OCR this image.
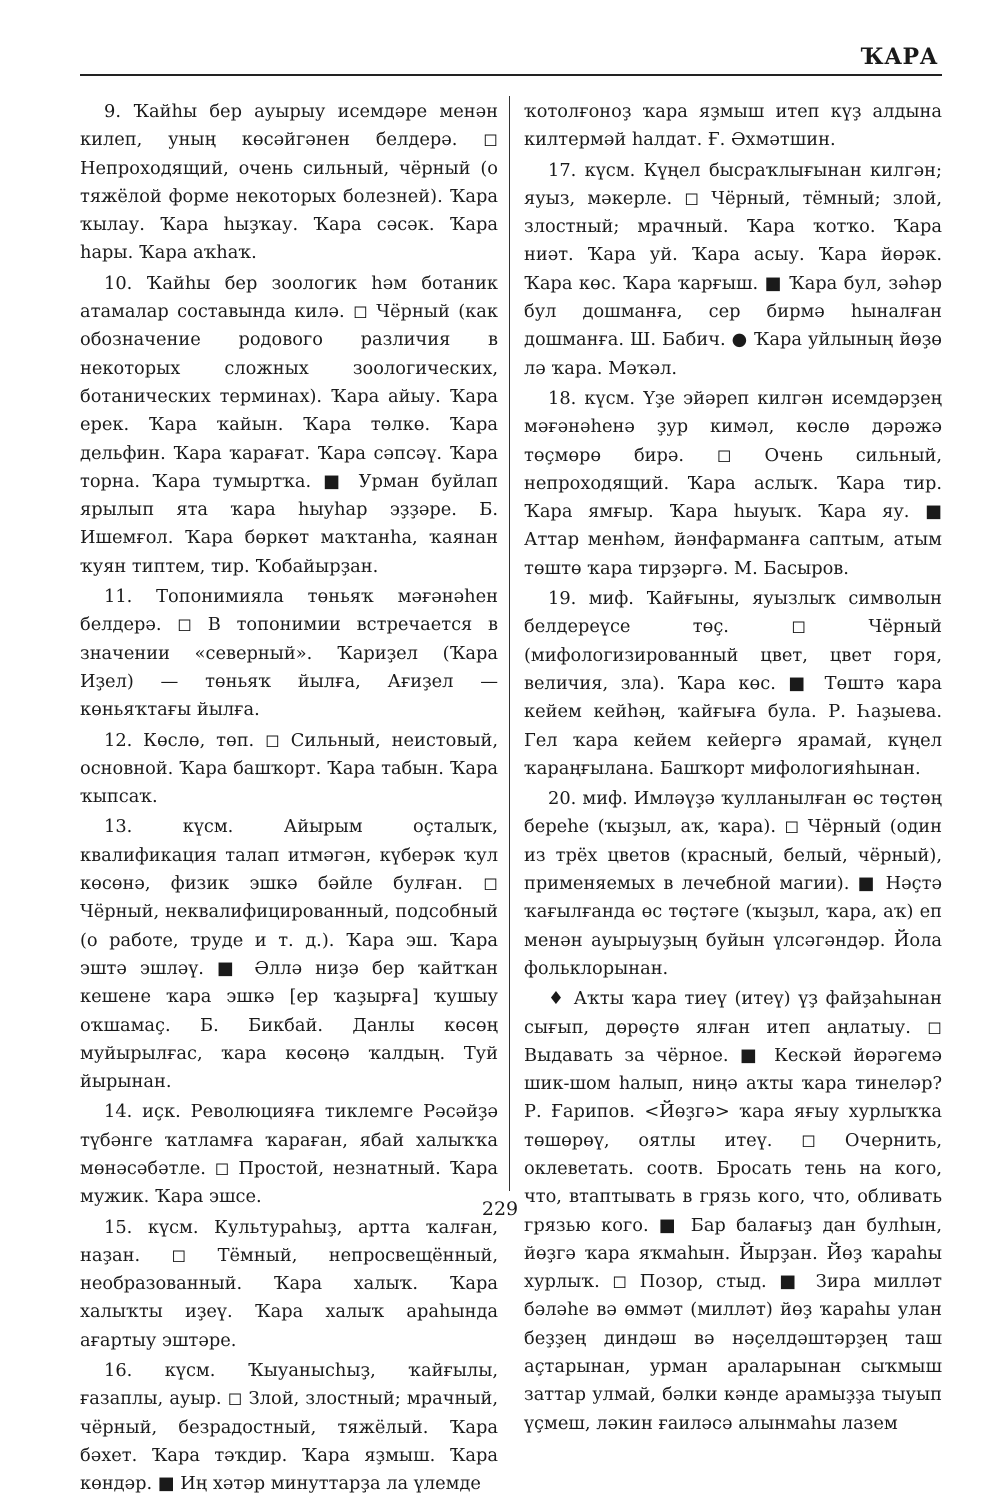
ҠАРА

9. Ҡайһы бер ауырыу исемдәре менән килеп, уның көсәйгәнен белдерә. ◻ Непроходящий, очень сильный, чёрный (о тяжёлой форме некоторых болезней). Ҡара ҡылау. Ҡара һыҙҡау. Ҡара сәсәк. Ҡара һары. Ҡара аҡһаҡ.

10. Ҡайһы бер зоологик һәм ботаник атамалар составында килә. ◻ Чёрный (как обозначение родового различия в некоторых сложных зоологических, ботанических терминах). Ҡара айыу. Ҡара ерек. Ҡара ҡайын. Ҡара төлкө. Ҡара дельфин. Ҡара ҡарағат. Ҡара сәпсәү. Ҡара торна. Ҡара тумыртҡа. ■ Урман буйлап ярылып ята ҡара һыуһар эҙҙәре. Б. Ишемғол. Ҡара бөркөт маҡтанһа, ҡаянан ҡуян типтем, тир. Ҡобайырҙан.

11. Топонимияла төньяҡ мәғәнәһен белдерә. ◻ В топонимии встречается в значении «северный». Ҡариҙел (Ҡара Иҙел) — төньяҡ йылға, Ағиҙел — көньяҡтағы йылға.

12. Көслө, төп. ◻ Сильный, неистовый, основной. Ҡара башҡорт. Ҡара табын. Ҡара ҡыпсаҡ.

13. күсм. Айырым оҫталыҡ, квалификация талап итмәгән, күберәк ҡул көсөнә, физик эшкә бәйле булған. ◻ Чёрный, неквалифицированный, подсобный (о работе, труде и т. д.). Ҡара эш. Ҡара эштә эшләү. ■ Әллә ниҙә бер ҡайтҡан кешене ҡара эшкә [ер ҡаҙырға] ҡушыу оҡшамаҫ. Б. Бикбай. Данлы көсөң муйырылғас, ҡара көсөңә ҡалдың. Туй йырынан.

14. иҫк. Революцияға тиклемге Рәсәйҙә түбәнге ҡатламға ҡараған, ябай халыҡҡа мөнәсәбәтле. ◻ Простой, незнатный. Ҡара мужик. Ҡара эшсе.

15. күсм. Культураһыҙ, артта ҡалған, наҙан. ◻ Тёмный, непросвещённый, необразованный. Ҡара халыҡ. Ҡара халыҡты иҙеү. Ҡара халыҡ араһында ағартыу эштәре.

16. күсм. Ҡыуанысһыҙ, ҡайғылы, ғазаплы, ауыр. ◻ Злой, злостный; мрачный, чёрный, безрадостный, тяжёлый. Ҡара бәхет. Ҡара тәҡдир. Ҡара яҙмыш. Ҡара көндәр. ■ Иң хәтәр минуттарҙа ла үлемде

ҡотолғоноҙ ҡара яҙмыш итеп күҙ алдына килтермәй һалдат. Ғ. Әхмәтшин.

17. күсм. Күңел бысраҡлығынан килгән; яуыз, мәкерле. ◻ Чёрный, тёмный; злой, злостный; мрачный. Ҡара ҡотҡо. Ҡара ниәт. Ҡара уй. Ҡара асыу. Ҡара йөрәк. Ҡара көс. Ҡара ҡарғыш. ■ Ҡара бул, зәһәр бул дошманға, сер бирмә һыналған дошманға. Ш. Бабич. ● Ҡара уйлының йөҙө лә ҡара. Мәҡәл.

18. күсм. Үҙе эйәреп килгән исемдәрҙең мәғәнәһенә ҙур кимәл, көслө дәрәжә төҫмөрө бирә. ◻ Очень сильный, непроходящий. Ҡара аслыҡ. Ҡара тир. Ҡара ямғыр. Ҡара һыуыҡ. Ҡара яу. ■ Аттар менһәм, йәнфарманға саптым, атым төштө ҡара тирҙәргә. М. Басыров.

19. миф. Ҡайғыны, яуызлыҡ символын белдереүсе төҫ. ◻ Чёрный (мифологизированный цвет, цвет горя, величия, зла). Ҡара көс. ■ Төштә ҡара кейем кейһәң, ҡайғыға була. Р. Һаҙыева. Гел ҡара кейем кейергә ярамай, күңел ҡараңғылана. Башҡорт мифологияһынан.

20. миф. Имләүҙә ҡулланылған өс төҫтөң береһе (ҡыҙыл, аҡ, ҡара). ◻ Чёрный (один из трёх цветов (красный, белый, чёрный), применяемых в лечебной магии). ■ Нәҫтә ҡағылғанда өс төҫтәге (ҡыҙыл, ҡара, аҡ) еп менән ауырыуҙың буйын үлсәгәндәр. Йола фольклорынан.

♦ Аҡты ҡара тиеү (итеү) үҙ файҙаһынан сығып, дөрөҫтө ялған итеп аңлатыу. ◻ Выдавать за чёрное. ■ Кескәй йөрәгемә шик-шом һалып, ниңә аҡты ҡара тинеләр? Р. Ғарипов. <Йөҙгә> ҡара яғыу хурлыҡҡа төшөрөү, оятлы итеү. ◻ Очернить, оклеветать. соотв. Бросать тень на кого, что, втаптывать в грязь кого, что, обливать грязью кого. ■ Бар балағыҙ дан булһын, йөҙгә ҡара яҡмаһын. Йырҙан. Йөҙ ҡараһы хурлыҡ. ◻ Позор, стыд. ■ Зира милләт бәләһе вә өммәт (милләт) йөҙ ҡараһы улан беҙҙең диндәш вә нәҫелдәштәрҙең таш аҫтарынан, урман араларынан сыҡмыш заттар улмай, бәлки кәнде арамыҙҙа тыуып үҫмеш, ләкин ғаиләсә алынмаһы лазем

229
